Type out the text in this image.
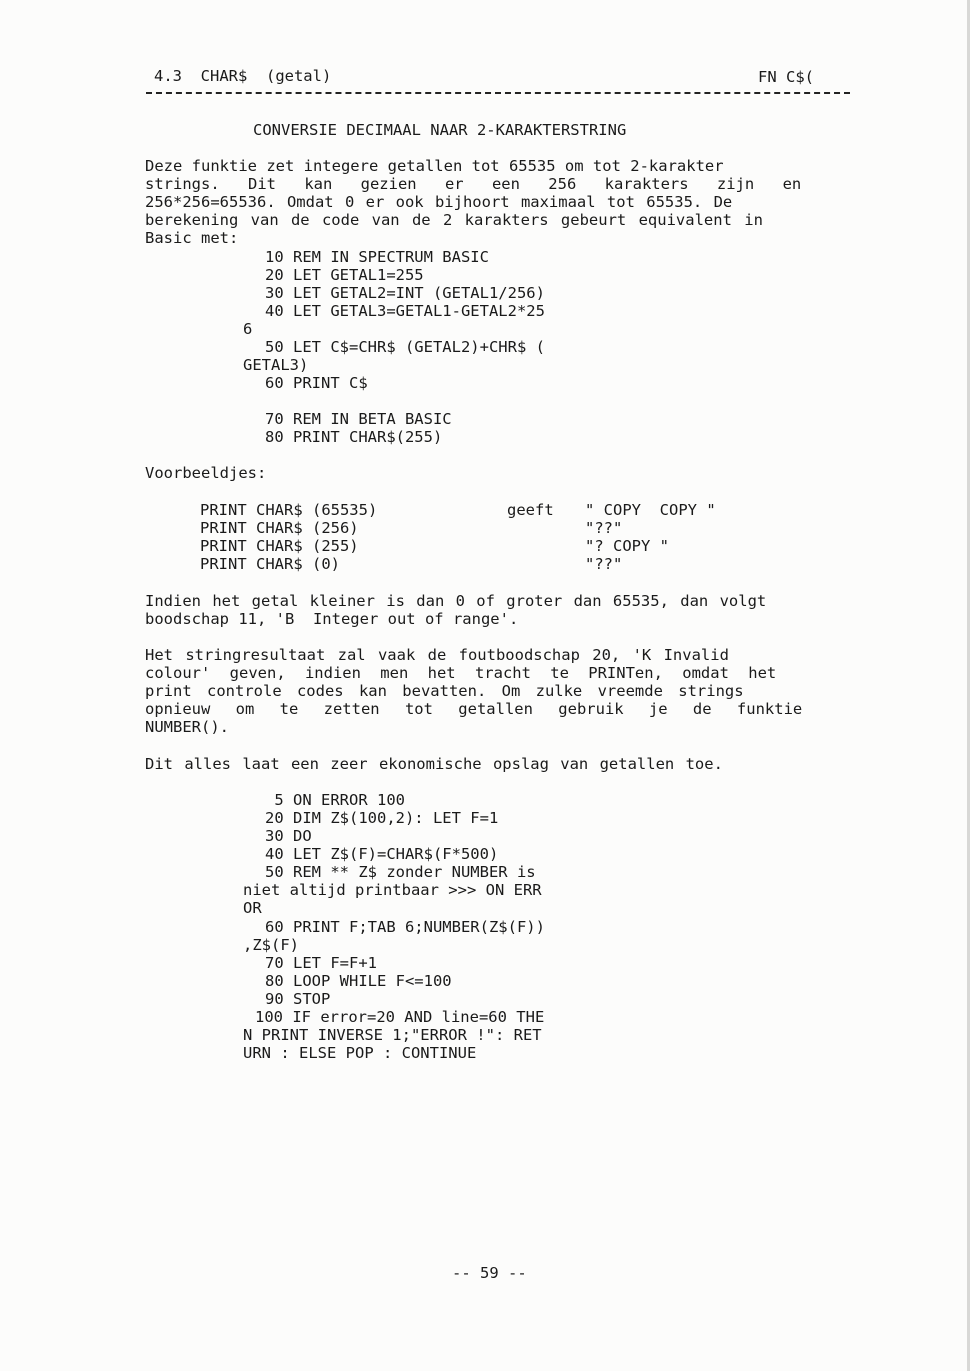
4.3  CHAR$  (getal)	FN C$(
CONVERSIE DECIMAAL NAAR 2-KARAKTERSTRING
Deze funktie zet integere getallen tot 65535 om tot 2-karakter
strings. Dit kan gezien er een 256 karakters zijn en
256*256=65536. Omdat 0 er ook bijhoort maximaal tot 65535. De
berekening van de code van de 2 karakters gebeurt equivalent in
Basic met:
10 REM IN SPECTRUM BASIC
20 LET GETAL1=255
30 LET GETAL2=INT (GETAL1/256)
40 LET GETAL3=GETAL1-GETAL2*25
6
50 LET C$=CHR$ (GETAL2)+CHR$ (
GETAL3)
60 PRINT C$
70 REM IN BETA BASIC
80 PRINT CHAR$(255)
Voorbeeldjes:
PRINT CHAR$ (65535)	geeft " COPY  COPY "
PRINT CHAR$ (256)	"??"
PRINT CHAR$ (255)	"? COPY "
PRINT CHAR$ (0)	"??"
Indien het getal kleiner is dan 0 of groter dan 65535, dan volgt
boodschap 11, 'B  Integer out of range'.
Het stringresultaat zal vaak de foutboodschap 20, 'K Invalid
colour' geven, indien men het tracht te PRINTen, omdat het
print controle codes kan bevatten. Om zulke vreemde strings
opnieuw om te zetten tot getallen gebruik je de funktie
NUMBER().
Dit alles laat een zeer ekonomische opslag van getallen toe.
5 ON ERROR 100
20 DIM Z$(100,2): LET F=1
30 DO
40 LET Z$(F)=CHAR$(F*500)
50 REM ** Z$ zonder NUMBER is
niet altijd printbaar >>> ON ERR
OR
60 PRINT F;TAB 6;NUMBER(Z$(F))
,Z$(F)
70 LET F=F+1
80 LOOP WHILE F<=100
90 STOP
100 IF error=20 AND line=60 THE
N PRINT INVERSE 1;"ERROR !": RET
URN : ELSE POP : CONTINUE
-- 59 --
